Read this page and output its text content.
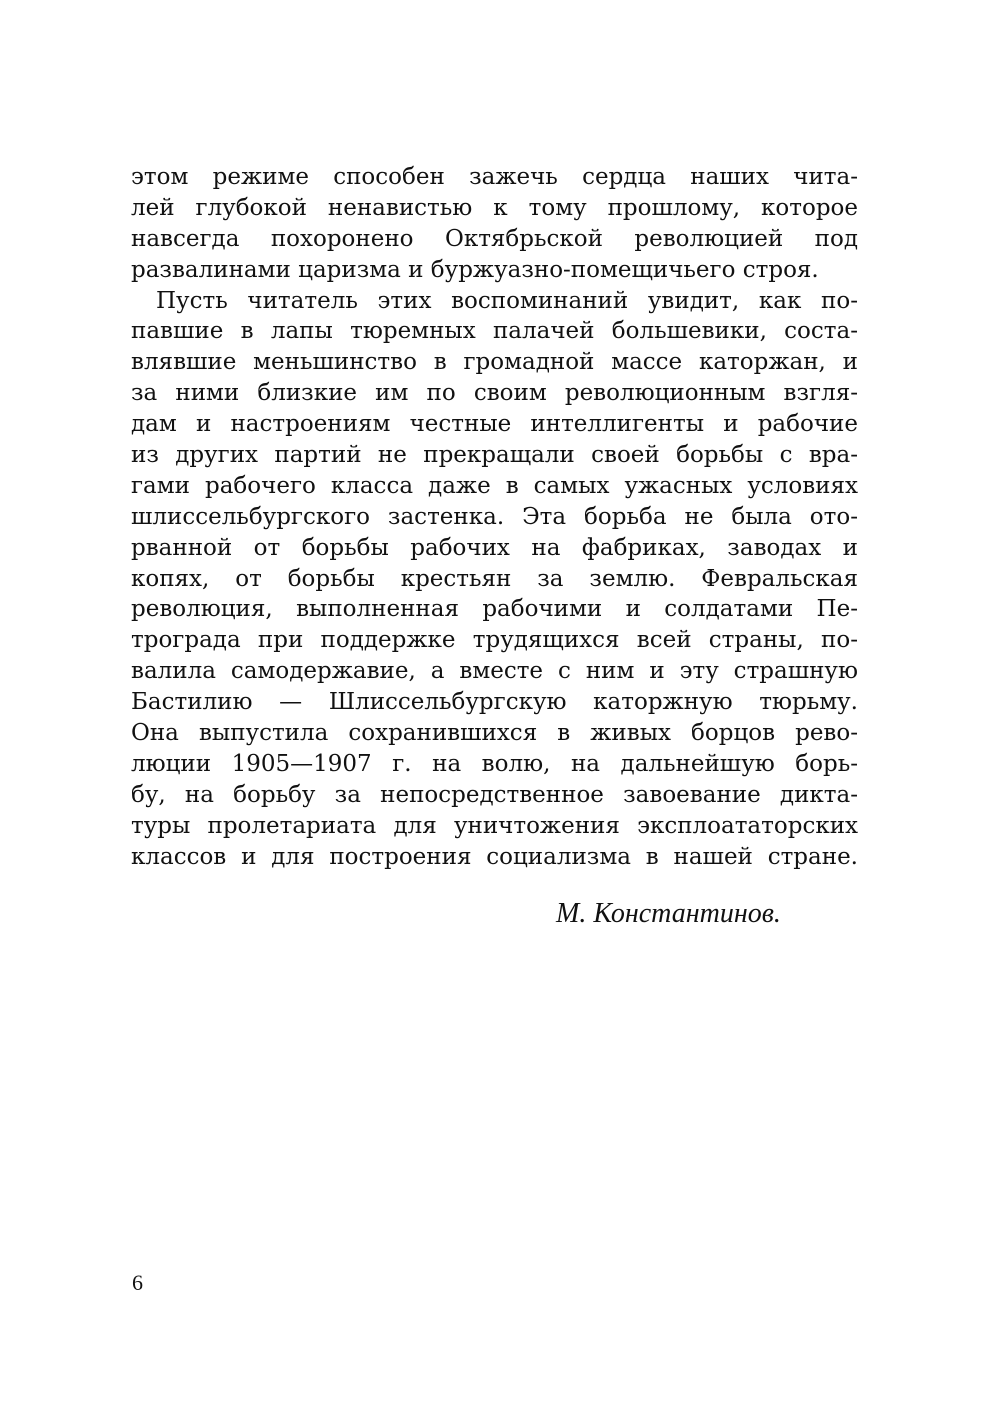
этом режиме способен зажечь сердца наших чита-
лей глубокой ненавистью к тому прошлому, которое
навсегда похоронено Октябрьской революцией под
развалинами царизма и буржуазно-помещичьего строя.
Пусть читатель этих воспоминаний увидит, как по-
павшие в лапы тюремных палачей большевики, соста-
влявшие меньшинство в громадной массе каторжан, и
за ними близкие им по своим революционным взгля-
дам и настроениям честные интеллигенты и рабочие
из других партий не прекращали своей борьбы с вра-
гами рабочего класса даже в самых ужасных условиях
шлиссельбургского застенка. Эта борьба не была ото-
рванной от борьбы рабочих на фабриках, заводах и
копях, от борьбы крестьян за землю. Февральская
революция, выполненная рабочими и солдатами Пе-
трограда при поддержке трудящихся всей страны, по-
валила самодержавие, а вместе с ним и эту страшную
Бастилию — Шлиссельбургскую каторжную тюрьму.
Она выпустила сохранившихся в живых борцов рево-
люции 1905—1907 г. на волю, на дальнейшую борь-
бу, на борьбу за непосредственное завоевание дикта-
туры пролетариата для уничтожения эксплоататорских
классов и для построения социализма в нашей стране.
М. Константинов.
6
